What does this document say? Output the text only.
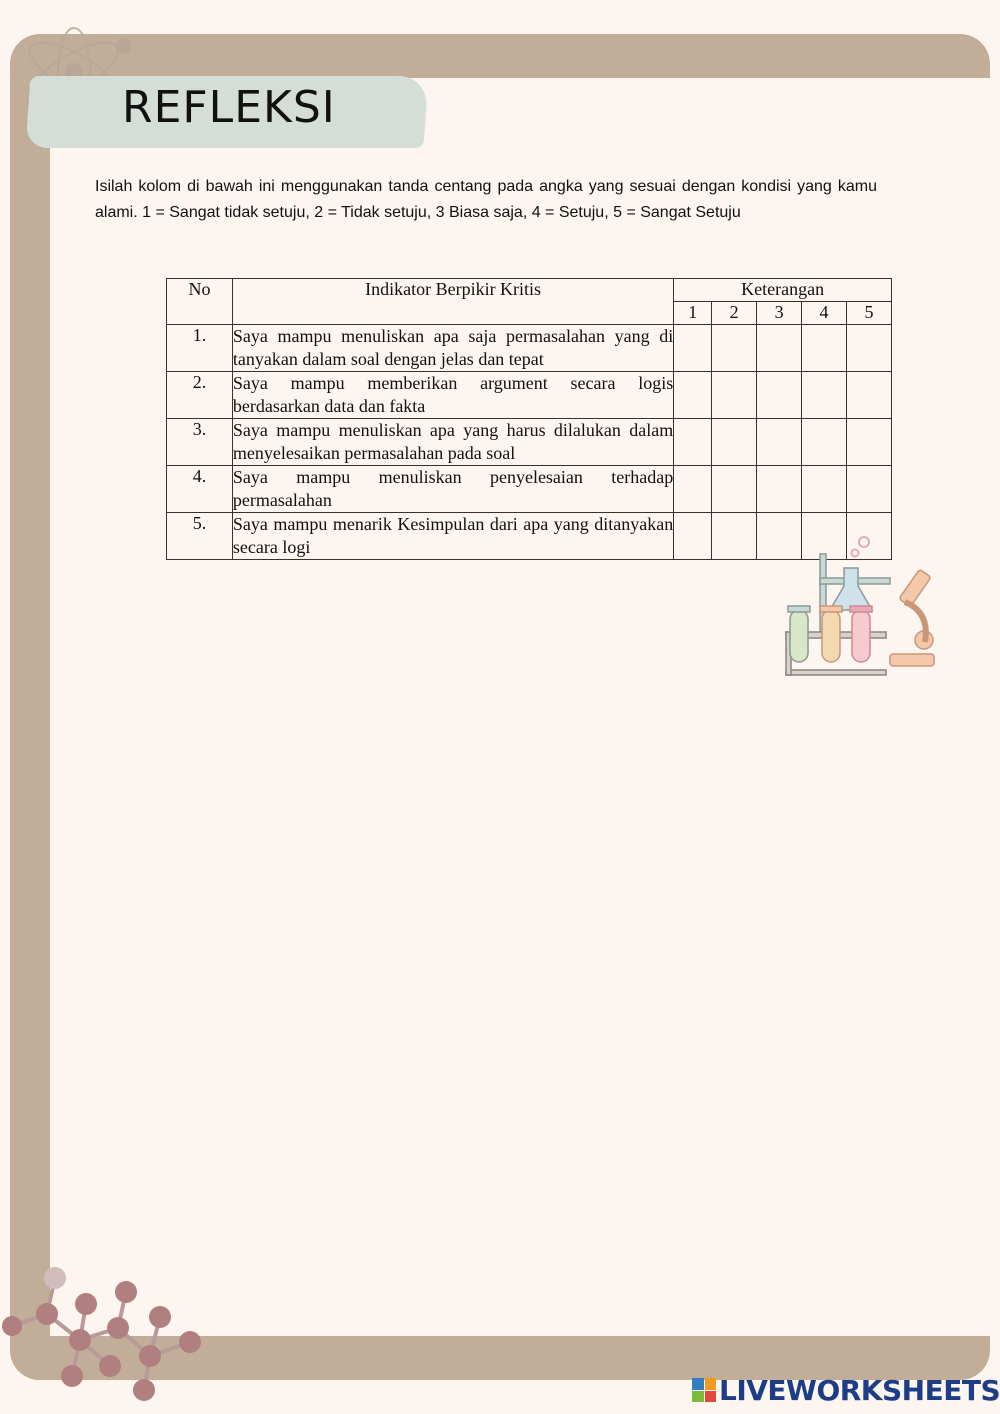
REFLEKSI

Isilah kolom di bawah ini menggunakan tanda centang pada angka yang sesuai dengan kondisi yang kamu alami. 1 = Sangat tidak setuju, 2 = Tidak setuju, 3 Biasa saja, 4 = Setuju, 5 = Sangat Setuju

No	Indikator Berpikir Kritis	Keterangan				
		1	2	3	4	5
1.	Saya mampu menuliskan apa saja permasalahan yang di tanyakan dalam soal dengan jelas dan tepat					
2.	Saya mampu memberikan argument secara logis berdasarkan data dan fakta					
3.	Saya mampu menuliskan apa yang harus dilalukan dalam menyelesaikan permasalahan pada soal					
4.	Saya mampu menuliskan penyelesaian terhadap permasalahan					
5.	Saya mampu menarik Kesimpulan dari apa yang ditanyakan secara logi					
LIVEWORKSHEETS
